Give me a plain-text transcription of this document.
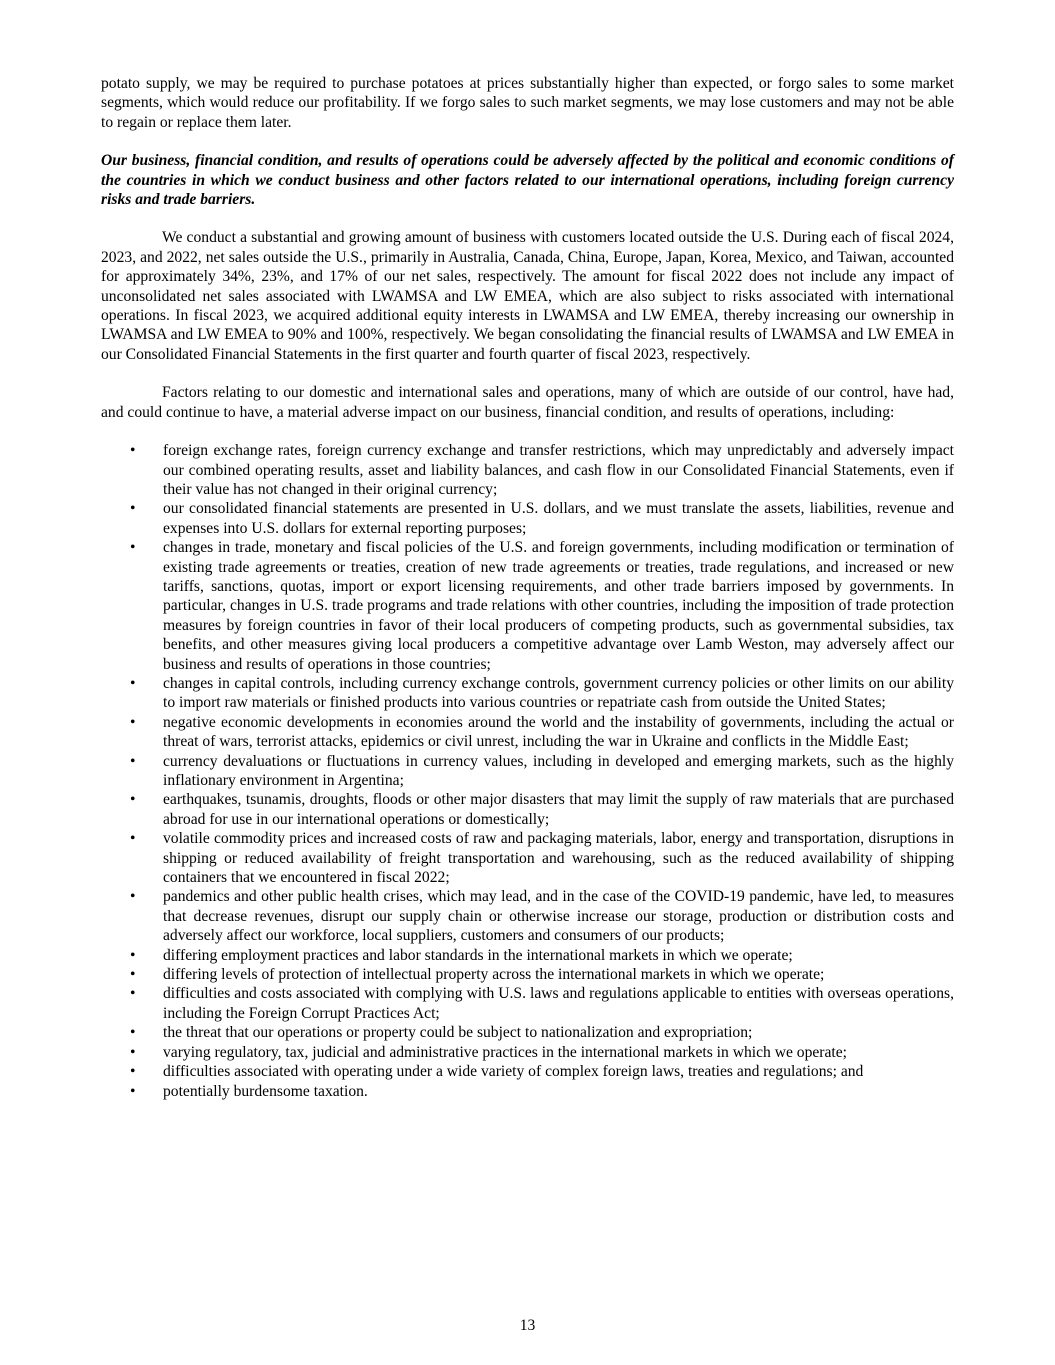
potato supply, we may be required to purchase potatoes at prices substantially higher than expected, or forgo sales to some market segments, which would reduce our profitability. If we forgo sales to such market segments, we may lose customers and may not be able to regain or replace them later.

Our business, financial condition, and results of operations could be adversely affected by the political and economic conditions of the countries in which we conduct business and other factors related to our international operations, including foreign currency risks and trade barriers.

We conduct a substantial and growing amount of business with customers located outside the U.S. During each of fiscal 2024, 2023, and 2022, net sales outside the U.S., primarily in Australia, Canada, China, Europe, Japan, Korea, Mexico, and Taiwan, accounted for approximately 34%, 23%, and 17% of our net sales, respectively. The amount for fiscal 2022 does not include any impact of unconsolidated net sales associated with LWAMSA and LW EMEA, which are also subject to risks associated with international operations. In fiscal 2023, we acquired additional equity interests in LWAMSA and LW EMEA, thereby increasing our ownership in LWAMSA and LW EMEA to 90% and 100%, respectively. We began consolidating the financial results of LWAMSA and LW EMEA in our Consolidated Financial Statements in the first quarter and fourth quarter of fiscal 2023, respectively.

Factors relating to our domestic and international sales and operations, many of which are outside of our control, have had, and could continue to have, a material adverse impact on our business, financial condition, and results of operations, including:

• foreign exchange rates, foreign currency exchange and transfer restrictions, which may unpredictably and adversely impact our combined operating results, asset and liability balances, and cash flow in our Consolidated Financial Statements, even if their value has not changed in their original currency;
• our consolidated financial statements are presented in U.S. dollars, and we must translate the assets, liabilities, revenue and expenses into U.S. dollars for external reporting purposes;
• changes in trade, monetary and fiscal policies of the U.S. and foreign governments, including modification or termination of existing trade agreements or treaties, creation of new trade agreements or treaties, trade regulations, and increased or new tariffs, sanctions, quotas, import or export licensing requirements, and other trade barriers imposed by governments. In particular, changes in U.S. trade programs and trade relations with other countries, including the imposition of trade protection measures by foreign countries in favor of their local producers of competing products, such as governmental subsidies, tax benefits, and other measures giving local producers a competitive advantage over Lamb Weston, may adversely affect our business and results of operations in those countries;
• changes in capital controls, including currency exchange controls, government currency policies or other limits on our ability to import raw materials or finished products into various countries or repatriate cash from outside the United States;
• negative economic developments in economies around the world and the instability of governments, including the actual or threat of wars, terrorist attacks, epidemics or civil unrest, including the war in Ukraine and conflicts in the Middle East;
• currency devaluations or fluctuations in currency values, including in developed and emerging markets, such as the highly inflationary environment in Argentina;
• earthquakes, tsunamis, droughts, floods or other major disasters that may limit the supply of raw materials that are purchased abroad for use in our international operations or domestically;
• volatile commodity prices and increased costs of raw and packaging materials, labor, energy and transportation, disruptions in shipping or reduced availability of freight transportation and warehousing, such as the reduced availability of shipping containers that we encountered in fiscal 2022;
• pandemics and other public health crises, which may lead, and in the case of the COVID-19 pandemic, have led, to measures that decrease revenues, disrupt our supply chain or otherwise increase our storage, production or distribution costs and adversely affect our workforce, local suppliers, customers and consumers of our products;
• differing employment practices and labor standards in the international markets in which we operate;
• differing levels of protection of intellectual property across the international markets in which we operate;
• difficulties and costs associated with complying with U.S. laws and regulations applicable to entities with overseas operations, including the Foreign Corrupt Practices Act;
• the threat that our operations or property could be subject to nationalization and expropriation;
• varying regulatory, tax, judicial and administrative practices in the international markets in which we operate;
• difficulties associated with operating under a wide variety of complex foreign laws, treaties and regulations; and
• potentially burdensome taxation.
13
